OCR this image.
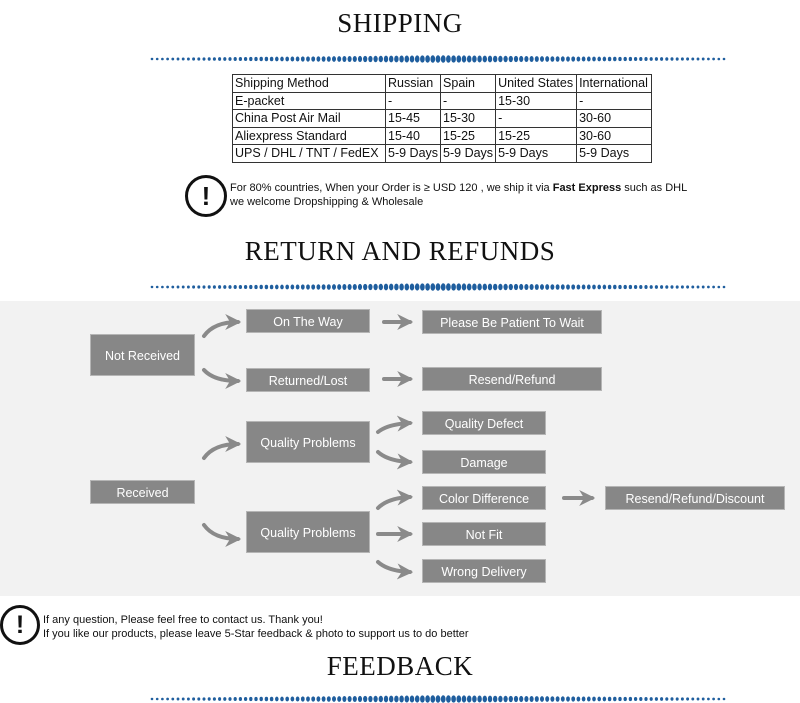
SHIPPING
Shipping Method	Russian	Spain	United States	International
E-packet	-	-	15-30	-
China Post Air Mail	15-45	15-30	-	30-60
Aliexpress Standard	15-40	15-25	15-25	30-60
UPS / DHL / TNT / FedEX	5-9 Days	5-9 Days	5-9 Days	5-9 Days
!	For 80% countries, When your Order is ≥ USD 120 , we ship it via Fast Express such as DHL
we welcome Dropshipping & Wholesale
RETURN AND REFUNDS
Not Received
On The Way	Please Be Patient To Wait
Returned/Lost	Resend/Refund
Received
Quality Problems
Quality Problems
Quality Defect
Damage
Color Difference
Not Fit
Wrong Delivery
Resend/Refund/Discount
!	If any question, Please feel free to contact us. Thank you!
If you like our products, please leave 5-Star feedback & photo to support us to do better
FEEDBACK
